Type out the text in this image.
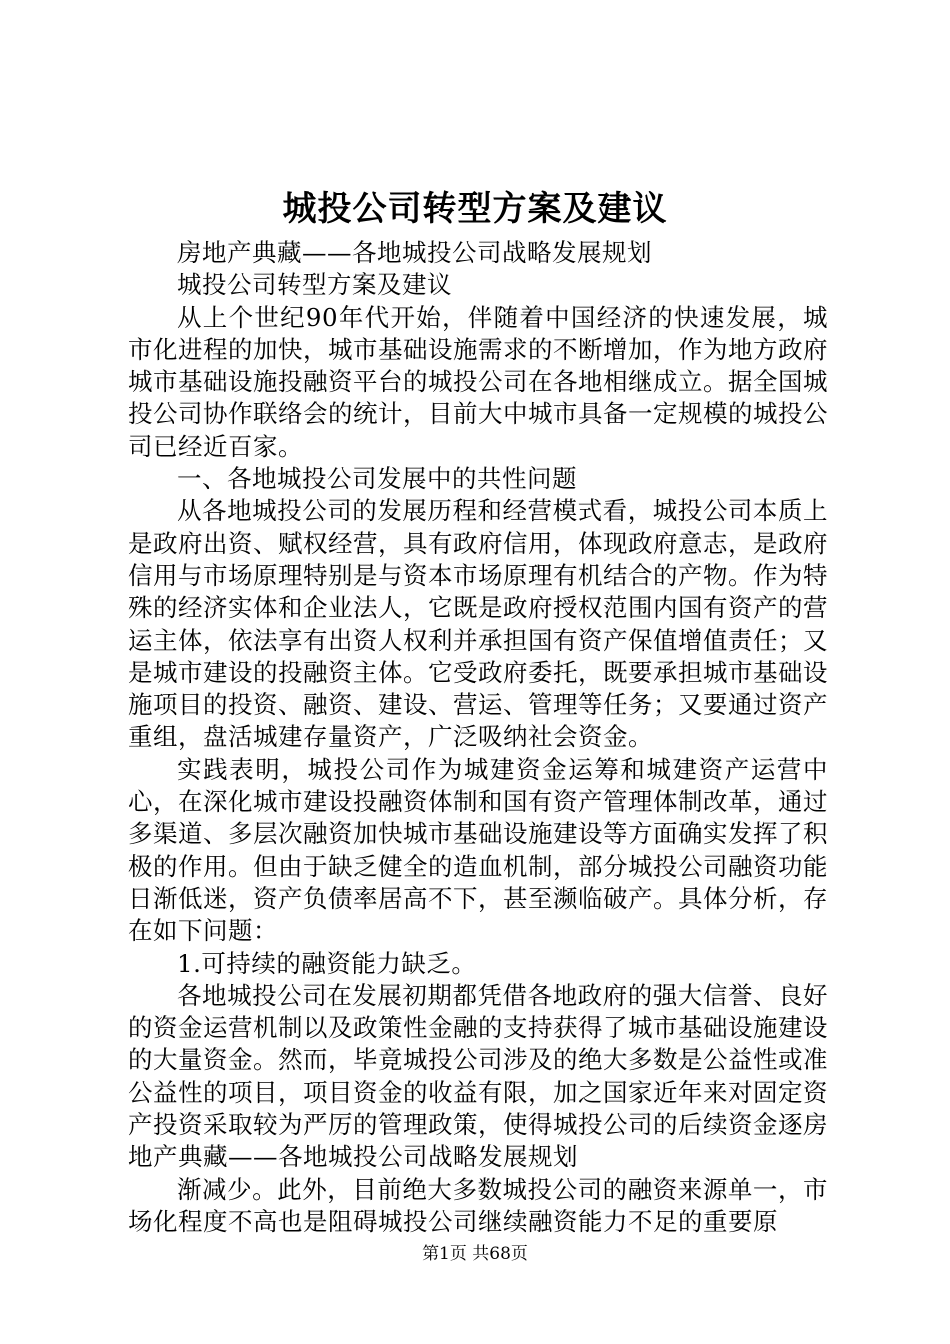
城投公司转型方案及建议

房地产典藏——各地城投公司战略发展规划

城投公司转型方案及建议

从上个世纪90年代开始，伴随着中国经济的快速发展，城市化进程的加快，城市基础设施需求的不断增加，作为地方政府城市基础设施投融资平台的城投公司在各地相继成立。据全国城投公司协作联络会的统计，目前大中城市具备一定规模的城投公司已经近百家。

一、各地城投公司发展中的共性问题

从各地城投公司的发展历程和经营模式看，城投公司本质上是政府出资、赋权经营，具有政府信用，体现政府意志，是政府信用与市场原理特别是与资本市场原理有机结合的产物。作为特殊的经济实体和企业法人，它既是政府授权范围内国有资产的营运主体，依法享有出资人权利并承担国有资产保值增值责任；又是城市建设的投融资主体。它受政府委托，既要承担城市基础设施项目的投资、融资、建设、营运、管理等任务；又要通过资产重组，盘活城建存量资产，广泛吸纳社会资金。

实践表明，城投公司作为城建资金运筹和城建资产运营中心，在深化城市建设投融资体制和国有资产管理体制改革，通过多渠道、多层次融资加快城市基础设施建设等方面确实发挥了积极的作用。但由于缺乏健全的造血机制，部分城投公司融资功能日渐低迷，资产负债率居高不下，甚至濒临破产。具体分析，存在如下问题：

1.可持续的融资能力缺乏。

各地城投公司在发展初期都凭借各地政府的强大信誉、良好的资金运营机制以及政策性金融的支持获得了城市基础设施建设的大量资金。然而，毕竟城投公司涉及的绝大多数是公益性或准公益性的项目，项目资金的收益有限，加之国家近年来对固定资产投资采取较为严厉的管理政策，使得城投公司的后续资金逐房地产典藏——各地城投公司战略发展规划

渐减少。此外，目前绝大多数城投公司的融资来源单一，市场化程度不高也是阻碍城投公司继续融资能力不足的重要原

第1页 共68页
